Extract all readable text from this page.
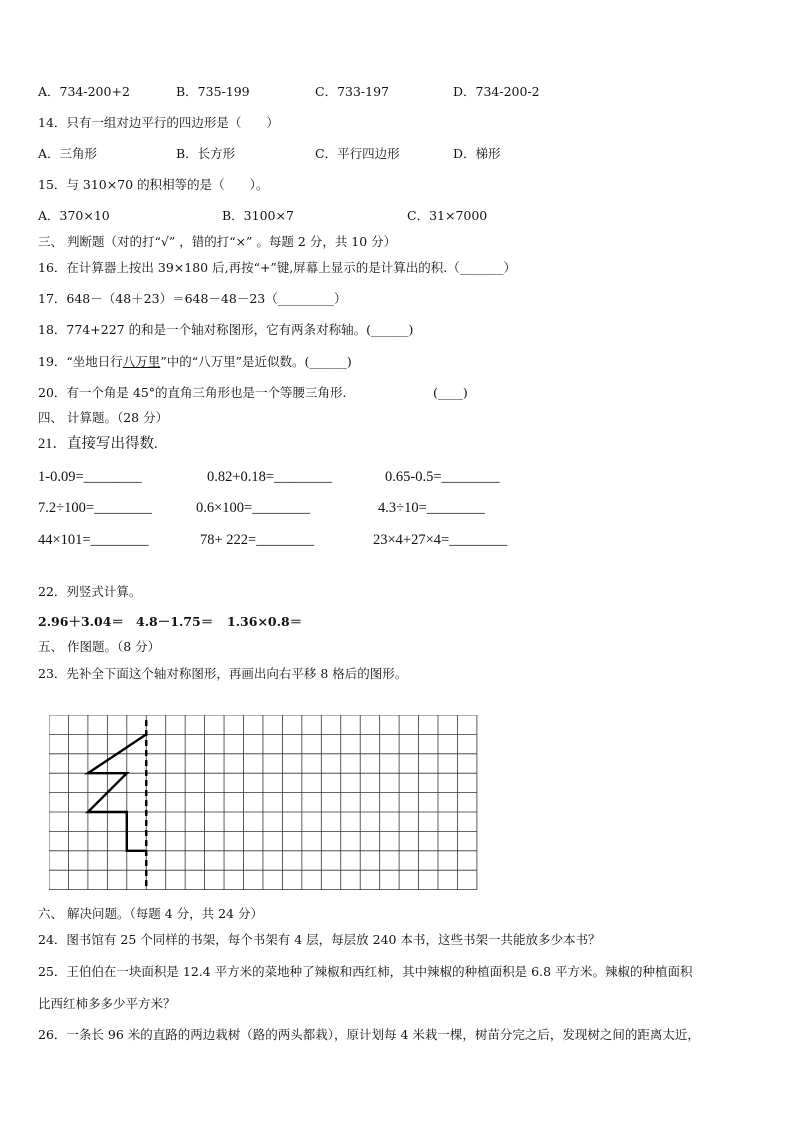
A．734-200+2	B．735-199	C．733-197	D．734-200-2
14．只有一组对边平行的四边形是（　　）
A．三角形	B．长方形	C．平行四边形	D．梯形
15．与 310×70 的积相等的是（　　）。
A．370×10	B．3100×7	C．31×7000
三、 判断题（对的打“√” ，错的打“×” 。每题 2 分，共 10 分）
16．在计算器上按出 39×180 后,再按“+”键,屏幕上显示的是计算出的积.（_______）
17．648－（48＋23）＝648－48－23（_________）
18．774+227 的和是一个轴对称图形，它有两条对称轴。(______)
19．“坐地日行八万里”中的“八万里”是近似数。(______)
20．有一个角是 45°的直角三角形也是一个等腰三角形.	(____)
四、 计算题。（28 分）
21．直接写出得数.
1-0.09=________	0.82+0.18=________	0.65-0.5=________
7.2÷100=________	0.6×100=________	4.3÷10=________
44×101=________	78+ 222=________	23×4+27×4=________
22．列竖式计算。
2.96＋3.04＝ 4.8－1.75＝ 1.36×0.8＝
五、 作图题。（8 分）
23．先补全下面这个轴对称图形，再画出向右平移 8 格后的图形。
六、 解决问题。（每题 4 分，共 24 分）
24．图书馆有 25 个同样的书架，每个书架有 4 层，每层放 240 本书，这些书架一共能放多少本书？
25．王伯伯在一块面积是 12.4 平方米的菜地种了辣椒和西红柿，其中辣椒的种植面积是 6.8 平方米。辣椒的种植面积
比西红柿多多少平方米？
26．一条长 96 米的直路的两边栽树（路的两头都栽），原计划每 4 米栽一棵，树苗分完之后，发现树之间的距离太近，
